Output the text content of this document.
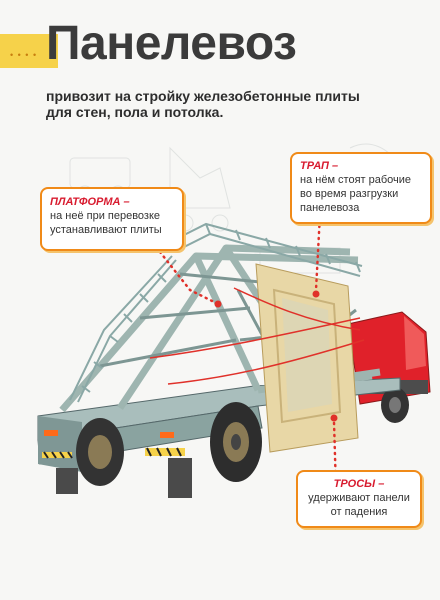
• • • • Панелевоз

привозит на стройку железобетонные плиты для стен, пола и потолка.

ТРАП –
на нём стоят рабочие во время разгрузки панелевоза
ПЛАТФОРМА –
на неё при перевозке устанавливают плиты
ТРОСЫ –
удерживают панели от падения
